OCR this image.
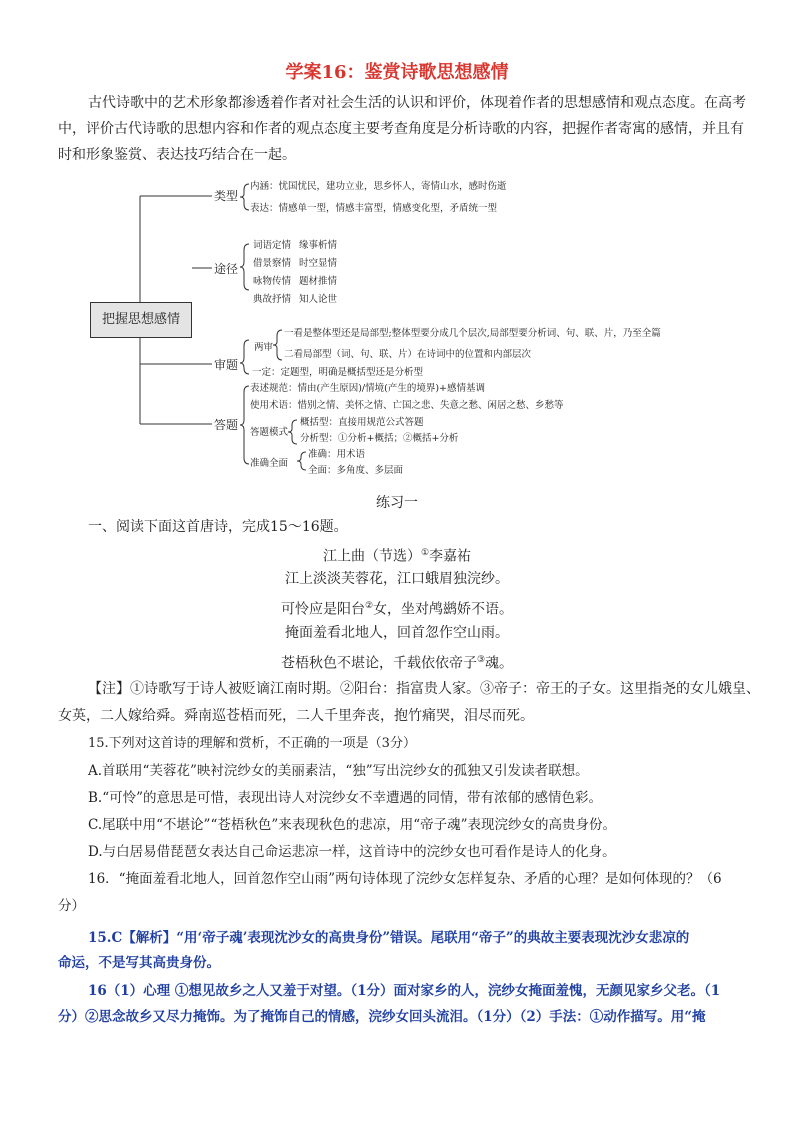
学案16：鉴赏诗歌思想感情
古代诗歌中的艺术形象都渗透着作者对社会生活的认识和评价，体现着作者的思想感情和观点态度。在高考
中，评价古代诗歌的思想内容和作者的观点态度主要考查角度是分析诗歌的内容，把握作者寄寓的感情，并且有
时和形象鉴赏、表达技巧结合在一起。
把握思想感情
类型
内涵：忧国忧民，建功立业，思乡怀人，寄情山水，感时伤逝
表达：情感单一型，情感丰富型，情感变化型，矛盾统一型
途径
词语定情 缘事析情
借景察情 时空显情
咏物传情 题材推情
典故抒情 知人论世
审题
两审
一看是整体型还是局部型;整体型要分成几个层次,局部型要分析词、句、联、片，乃至全篇
二看局部型（词、句、联、片）在诗词中的位置和内部层次
一定：定题型，明确是概括型还是分析型
答题
表述规范：情由(产生原因)/情境(产生的境界)+感情基调
使用术语：惜别之情、美怀之情、亡国之悲、失意之愁、闲居之愁、乡愁等
答题模式
概括型：直接用规范公式答题
分析型：①分析+概括；②概括+分析
准确全面
准确：用术语
全面：多角度、多层面
练习一
一、阅读下面这首唐诗，完成15～16题。
江上曲（节选）①李嘉祐
江上淡淡芙蓉花，江口蛾眉独浣纱。
可怜应是阳台②女，坐对鸬鹚娇不语。
掩面羞看北地人，回首忽作空山雨。
苍梧秋色不堪论，千载依依帝子③魂。
【注】①诗歌写于诗人被贬谪江南时期。②阳台：指富贵人家。③帝子：帝王的子女。这里指尧的女儿娥皇、
女英，二人嫁给舜。舜南巡苍梧而死，二人千里奔丧，抱竹痛哭，泪尽而死。
15.下列对这首诗的理解和赏析，不正确的一项是（3分）
A.首联用“芙蓉花”映衬浣纱女的美丽素洁，“独”写出浣纱女的孤独又引发读者联想。
B.“可怜”的意思是可惜，表现出诗人对浣纱女不幸遭遇的同情，带有浓郁的感情色彩。
C.尾联中用“不堪论”“苍梧秋色”来表现秋色的悲凉，用“帝子魂”表现浣纱女的高贵身份。
D.与白居易借琵琶女表达自己命运悲凉一样，这首诗中的浣纱女也可看作是诗人的化身。
16．“掩面羞看北地人，回首忽作空山雨”两句诗体现了浣纱女怎样复杂、矛盾的心理？是如何体现的？（6
分）
15.C【解析】“用‘帝子魂’表现沈沙女的高贵身份”错误。尾联用“帝子”的典故主要表现沈沙女悲凉的
命运，不是写其高贵身份。
16（1）心理 ①想见故乡之人又羞于对望。（1分）面对家乡的人，浣纱女掩面羞愧，无颜见家乡父老。（1
分）②思念故乡又尽力掩饰。为了掩饰自己的情感，浣纱女回头流泪。（1分）（2）手法：①动作描写。用“掩
